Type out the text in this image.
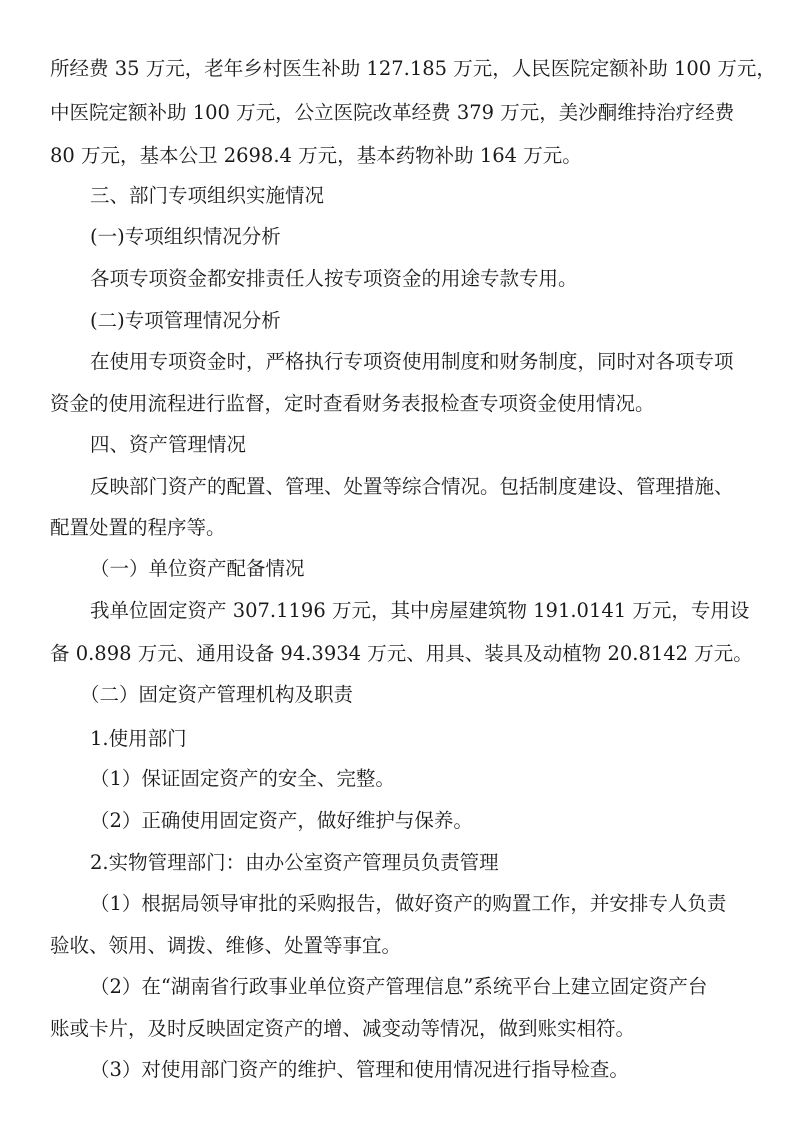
所经费 35 万元，老年乡村医生补助 127.185 万元，人民医院定额补助 100 万元，
中医院定额补助 100 万元，公立医院改革经费 379 万元，美沙酮维持治疗经费
80 万元，基本公卫 2698.4 万元，基本药物补助 164 万元。
三、部门专项组织实施情况
(一)专项组织情况分析
各项专项资金都安排责任人按专项资金的用途专款专用。
(二)专项管理情况分析
在使用专项资金时，严格执行专项资使用制度和财务制度，同时对各项专项
资金的使用流程进行监督，定时查看财务表报检查专项资金使用情况。
四、资产管理情况
反映部门资产的配置、管理、处置等综合情况。包括制度建设、管理措施、
配置处置的程序等。
（一）单位资产配备情况
我单位固定资产 307.1196 万元，其中房屋建筑物 191.0141 万元，专用设
备 0.898 万元、通用设备 94.3934 万元、用具、装具及动植物 20.8142 万元。
（二）固定资产管理机构及职责
1.使用部门
（1）保证固定资产的安全、完整。
（2）正确使用固定资产，做好维护与保养。
2.实物管理部门：由办公室资产管理员负责管理
（1）根据局领导审批的采购报告，做好资产的购置工作，并安排专人负责
验收、领用、调拨、维修、处置等事宜。
（2）在“湖南省行政事业单位资产管理信息”系统平台上建立固定资产台
账或卡片，及时反映固定资产的增、减变动等情况，做到账实相符。
（3）对使用部门资产的维护、管理和使用情况进行指导检查。
